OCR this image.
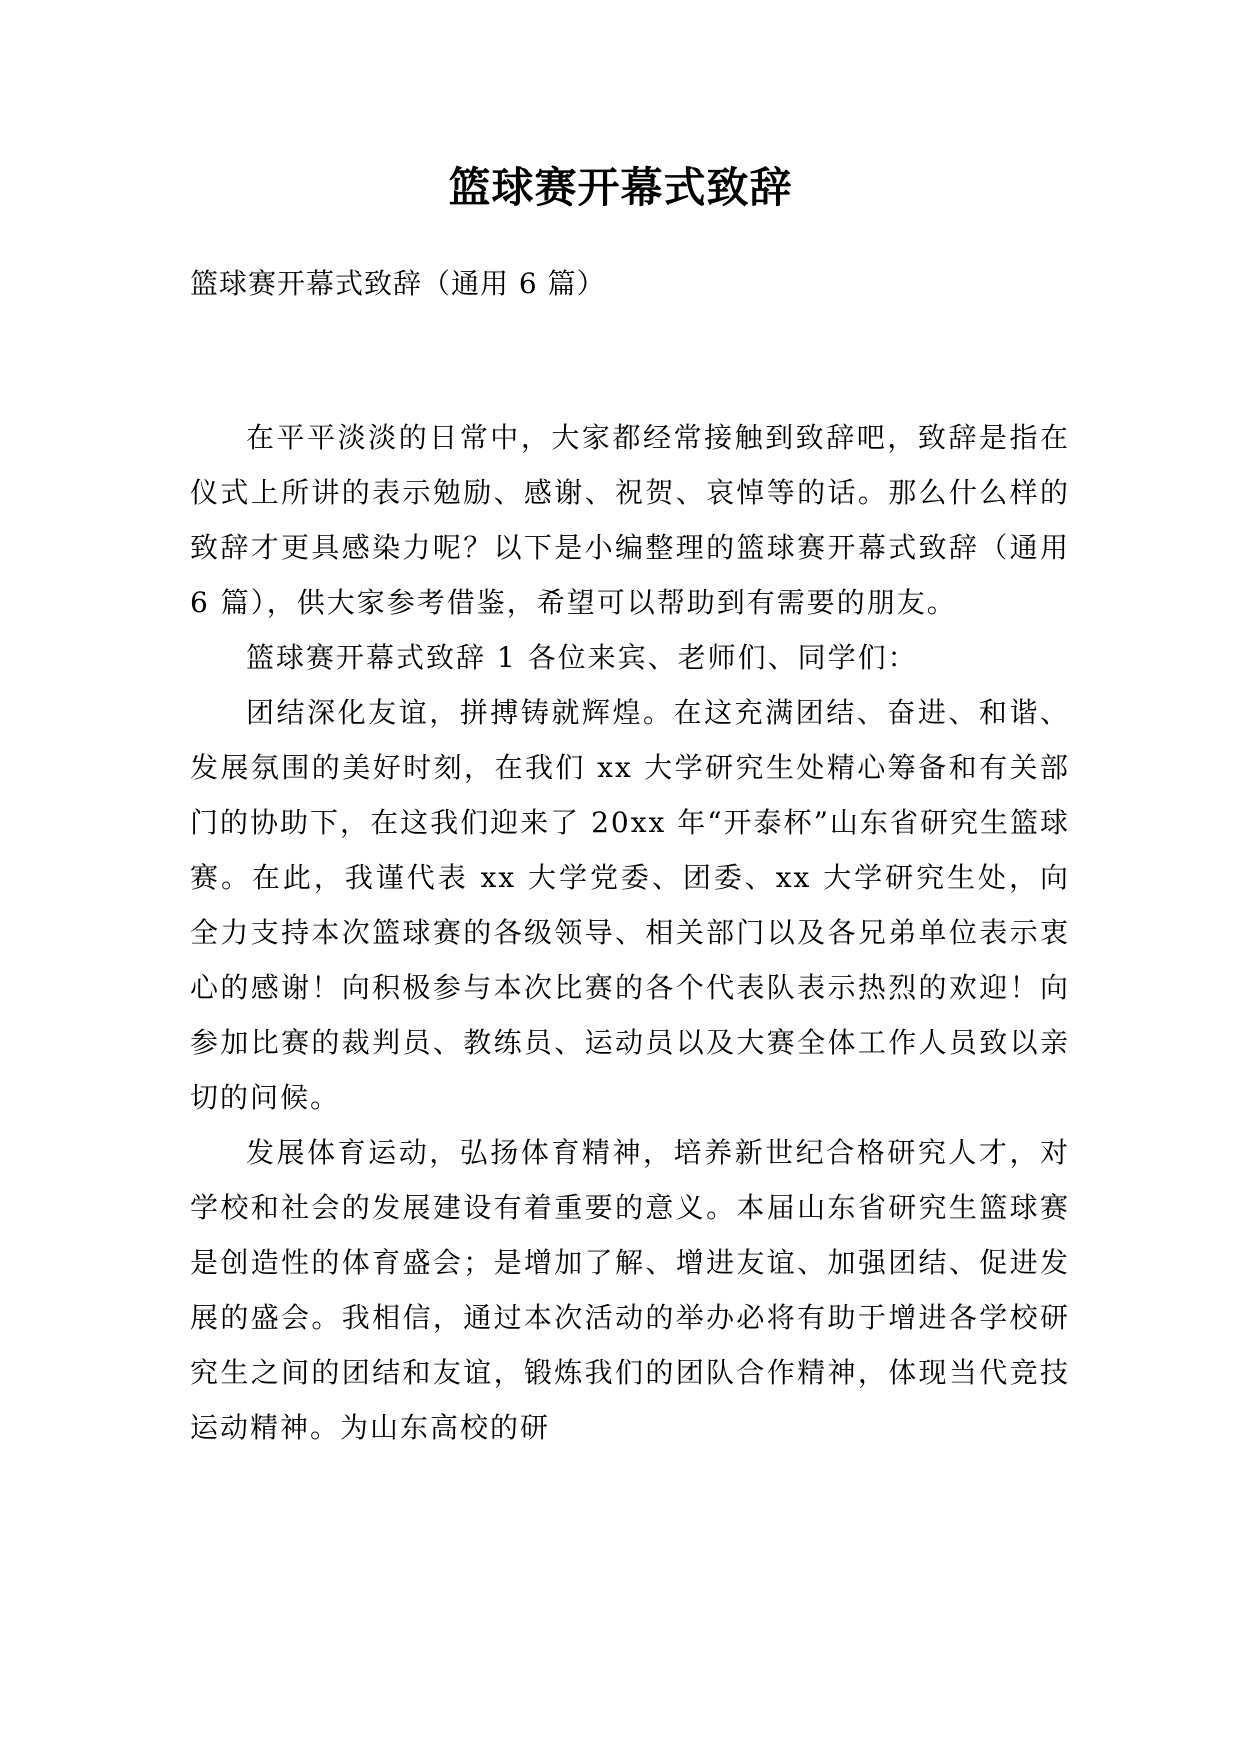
篮球赛开幕式致辞

篮球赛开幕式致辞（通用 6 篇）

在平平淡淡的日常中，大家都经常接触到致辞吧，致辞是指在仪式上所讲的表示勉励、感谢、祝贺、哀悼等的话。那么什么样的致辞才更具感染力呢？以下是小编整理的篮球赛开幕式致辞（通用 6 篇），供大家参考借鉴，希望可以帮助到有需要的朋友。

篮球赛开幕式致辞 1 各位来宾、老师们、同学们：

团结深化友谊，拼搏铸就辉煌。在这充满团结、奋进、和谐、发展氛围的美好时刻，在我们 xx 大学研究生处精心筹备和有关部门的协助下，在这我们迎来了 20xx 年“开泰杯”山东省研究生篮球赛。在此，我谨代表 xx 大学党委、团委、xx 大学研究生处，向全力支持本次篮球赛的各级领导、相关部门以及各兄弟单位表示衷心的感谢！向积极参与本次比赛的各个代表队表示热烈的欢迎！向参加比赛的裁判员、教练员、运动员以及大赛全体工作人员致以亲切的问候。

发展体育运动，弘扬体育精神，培养新世纪合格研究人才，对学校和社会的发展建设有着重要的意义。本届山东省研究生篮球赛是创造性的体育盛会；是增加了解、增进友谊、加强团结、促进发展的盛会。我相信，通过本次活动的举办必将有助于增进各学校研究生之间的团结和友谊，锻炼我们的团队合作精神，体现当代竞技运动精神。为山东高校的研
